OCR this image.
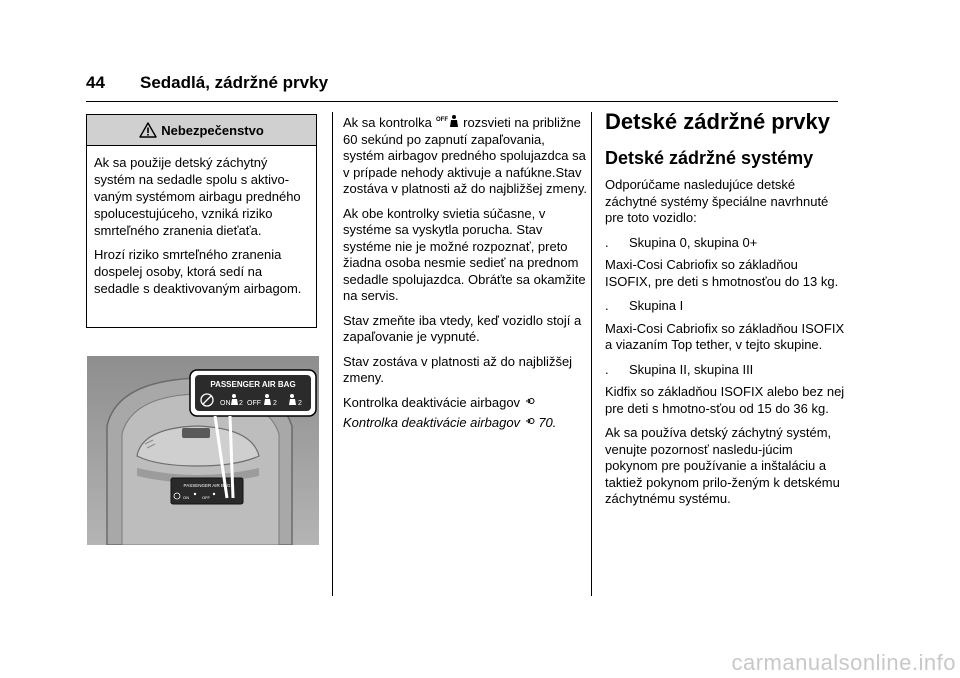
44 Sedadlá, zádržné prvky
Nebezpečenstvo

Ak sa použije detský záchytný systém na sedadle spolu s aktivo-vaným systémom airbagu predného spolucestujúceho, vzniká riziko smrteľného zranenia dieťaťa.

Hrozí riziko smrteľného zranenia dospelej osoby, ktorá sedí na sedadle s deaktivovaným airbagom.

PASSENGER AIR BAG
ON 2 OFF 2	2
PASSENGER AIR BAG
ON	OFF

Ak sa kontrolka OFF rozsvieti na približne 60 sekúnd po zapnutí zapaľovania, systém airbagov predného spolujazdca sa v prípade nehody aktivuje a nafúkne.Stav zostáva v platnosti až do najbližšej zmeny.

Ak obe kontrolky svietia súčasne, v systéme sa vyskytla porucha. Stav systéme nie je možné rozpoznať, preto žiadna osoba nesmie sedieť na prednom sedadle spolujazdca. Obráťte sa okamžite na servis.

Stav zmeňte iba vtedy, keď vozidlo stojí a zapaľovanie je vypnuté.

Stav zostáva v platnosti až do najbližšej zmeny.

Kontrolka deaktivácie airbagov

Kontrolka deaktivácie airbagov 70.

Detské zádržné prvky
Detské zádržné systémy

Odporúčame nasledujúce detské záchytné systémy špeciálne navrhnuté pre toto vozidlo:

.	Skupina 0, skupina 0+

Maxi-Cosi Cabriofix so základňou ISOFIX, pre deti s hmotnosťou do 13 kg.

.	Skupina I

Maxi-Cosi Cabriofix so základňou ISOFIX a viazaním Top tether, v tejto skupine.

.	Skupina II, skupina III

Kidfix so základňou ISOFIX alebo bez nej pre deti s hmotno-sťou od 15 do 36 kg.

Ak sa používa detský záchytný systém, venujte pozornosť nasledu-júcim pokynom pre používanie a inštaláciu a taktiež pokynom prilo-ženým k detskému záchytnému systému.

carmanualsonline.info
